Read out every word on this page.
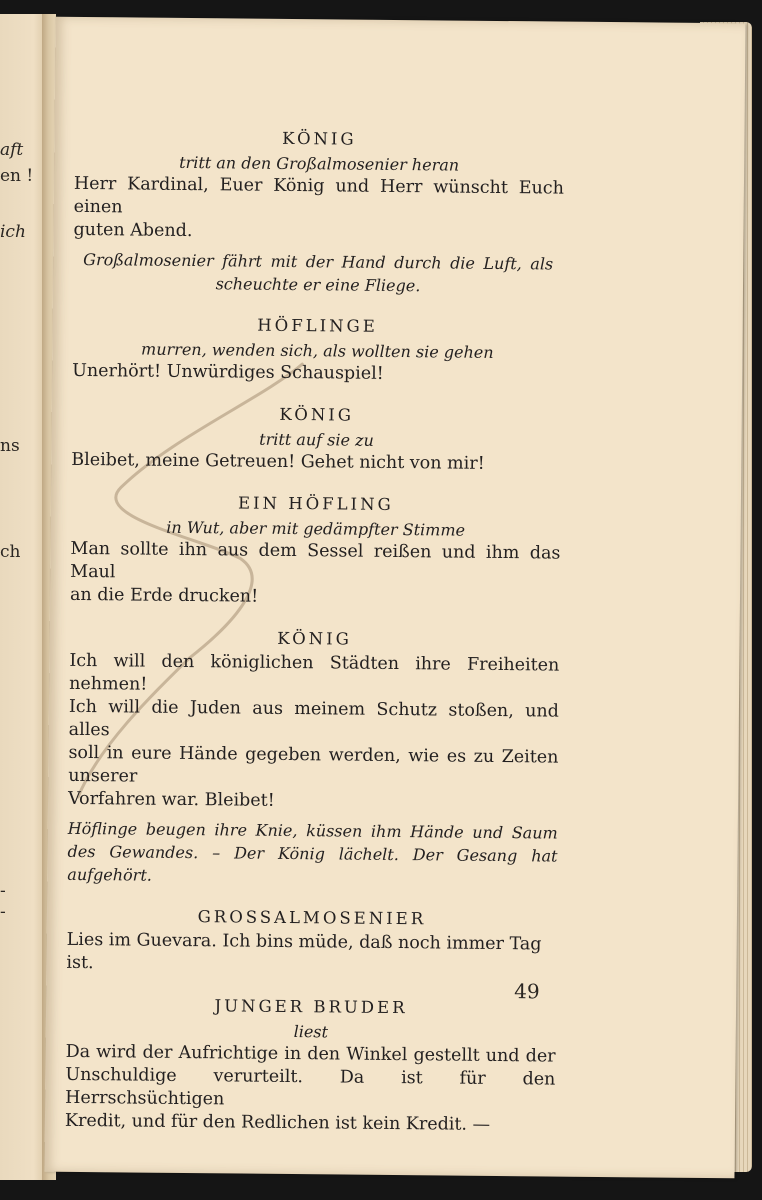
aft
en !
ich
ns
ch
-
-
KÖNIG
tritt an den Großalmosenier heran
Herr Kardinal, Euer König und Herr wünscht Euch einen
guten Abend.
Großalmosenier fährt mit der Hand durch die Luft, als scheuchte er eine Fliege.
HÖFLINGE
murren, wenden sich, als wollten sie gehen
Unerhört! Unwürdiges Schauspiel!
KÖNIG
tritt auf sie zu
Bleibet, meine Getreuen! Gehet nicht von mir!
EIN HÖFLING
in Wut, aber mit gedämpfter Stimme
Man sollte ihn aus dem Sessel reißen und ihm das Maul
an die Erde drucken!
KÖNIG
Ich will den königlichen Städten ihre Freiheiten nehmen!
Ich will die Juden aus meinem Schutz stoßen, und alles
soll in eure Hände gegeben werden, wie es zu Zeiten unserer
Vorfahren war. Bleibet!
Höflinge beugen ihre Knie, küssen ihm Hände und Saum des Gewandes. – Der König lächelt. Der Gesang hat aufgehört.
GROSSALMOSENIER
Lies im Guevara. Ich bins müde, daß noch immer Tag ist.
JUNGER BRUDER
liest
Da wird der Aufrichtige in den Winkel gestellt und der
Unschuldige verurteilt. Da ist für den Herrschsüchtigen
Kredit, und für den Redlichen ist kein Kredit. —
49
